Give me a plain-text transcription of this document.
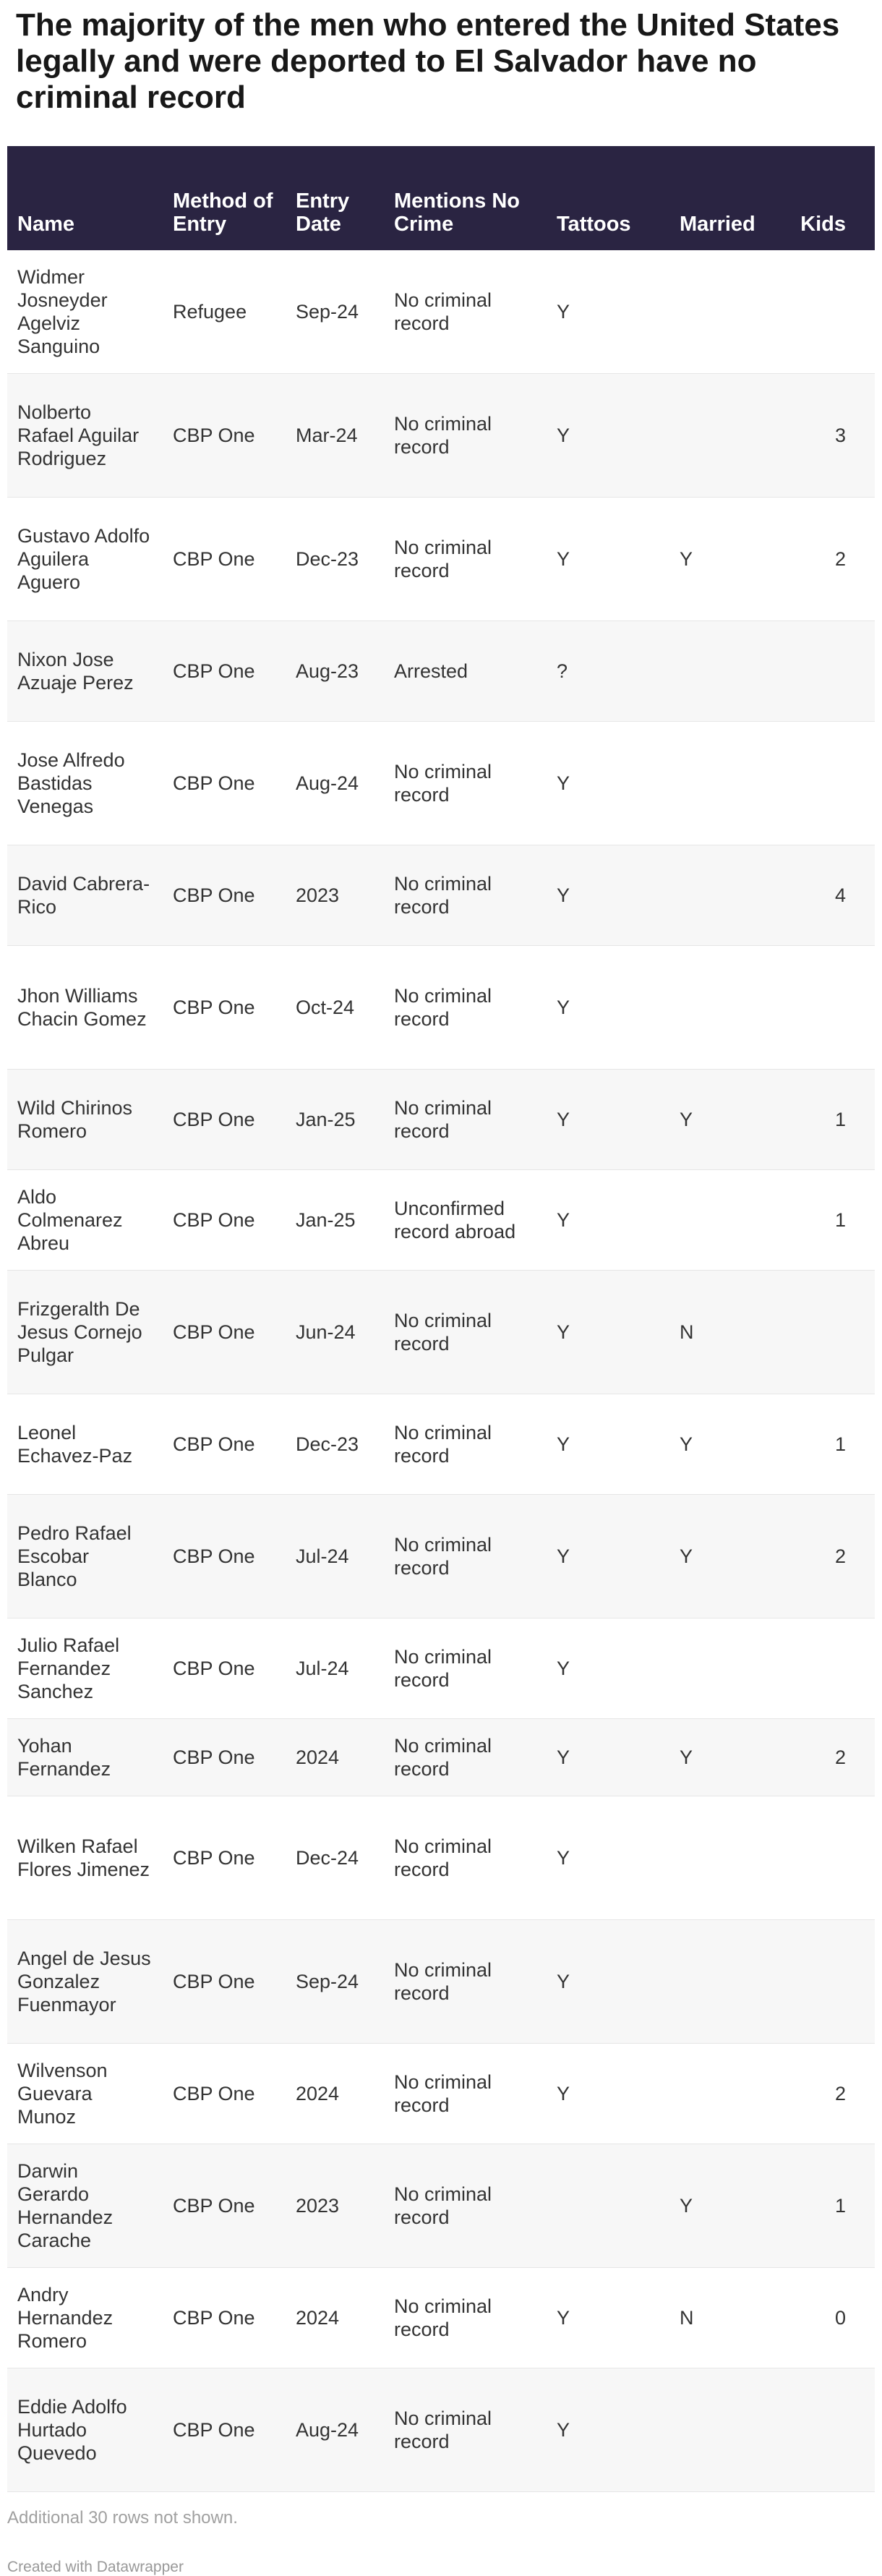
The majority of the men who entered the United States legally and were deported to El Salvador have no criminal record
Name	Method of Entry	Entry Date	Mentions No Crime	Tattoos	Married	Kids
Widmer Josneyder Agelviz Sanguino	Refugee	Sep-24	No criminal record	Y		
Nolberto Rafael Aguilar Rodriguez	CBP One	Mar-24	No criminal record	Y		3
Gustavo Adolfo Aguilera Aguero	CBP One	Dec-23	No criminal record	Y	Y	2
Nixon Jose Azuaje Perez	CBP One	Aug-23	Arrested	?		
Jose Alfredo Bastidas Venegas	CBP One	Aug-24	No criminal record	Y		
David Cabrera-Rico	CBP One	2023	No criminal record	Y		4
Jhon Williams Chacin Gomez	CBP One	Oct-24	No criminal record	Y		
Wild Chirinos Romero	CBP One	Jan-25	No criminal record	Y	Y	1
Aldo Colmenarez Abreu	CBP One	Jan-25	Unconfirmed record abroad	Y		1
Frizgeralth De Jesus Cornejo Pulgar	CBP One	Jun-24	No criminal record	Y	N	
Leonel Echavez-Paz	CBP One	Dec-23	No criminal record	Y	Y	1
Pedro Rafael Escobar Blanco	CBP One	Jul-24	No criminal record	Y	Y	2
Julio Rafael Fernandez Sanchez	CBP One	Jul-24	No criminal record	Y		
Yohan Fernandez	CBP One	2024	No criminal record	Y	Y	2
Wilken Rafael Flores Jimenez	CBP One	Dec-24	No criminal record	Y		
Angel de Jesus Gonzalez Fuenmayor	CBP One	Sep-24	No criminal record	Y		
Wilvenson Guevara Munoz	CBP One	2024	No criminal record	Y		2
Darwin Gerardo Hernandez Carache	CBP One	2023	No criminal record		Y	1
Andry Hernandez Romero	CBP One	2024	No criminal record	Y	N	0
Eddie Adolfo Hurtado Quevedo	CBP One	Aug-24	No criminal record	Y		
Additional 30 rows not shown.
Created with Datawrapper
